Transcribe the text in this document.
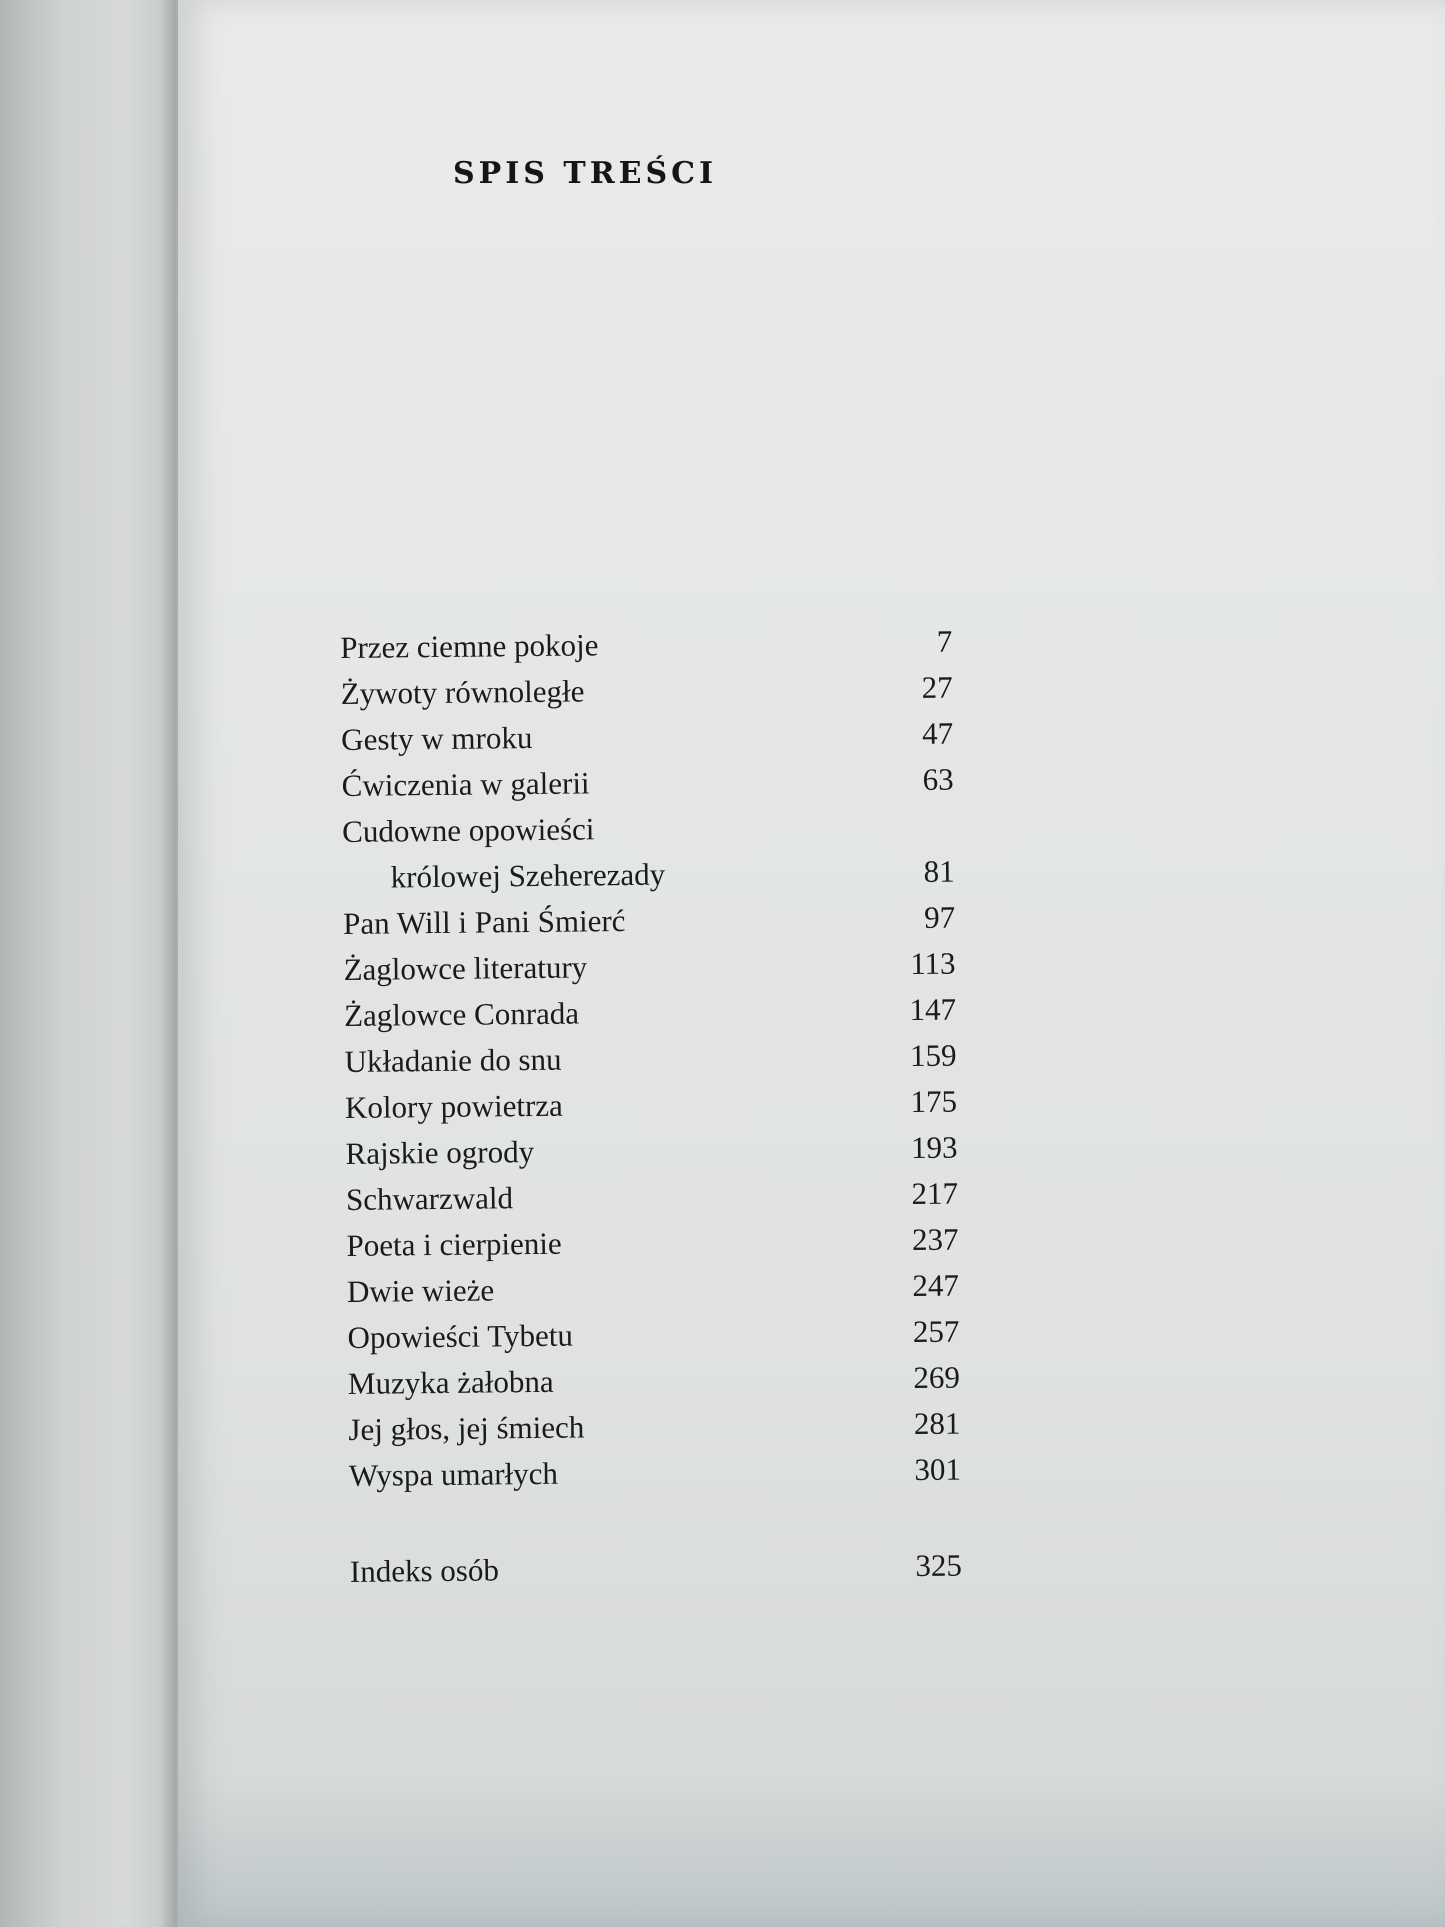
SPIS TREŚCI
Przez ciemne pokoje	7
Żywoty równoległe	27
Gesty w mroku	47
Ćwiczenia w galerii	63
Cudowne opowieści
królowej Szeherezady	81
Pan Will i Pani Śmierć	97
Żaglowce literatury	113
Żaglowce Conrada	147
Układanie do snu	159
Kolory powietrza	175
Rajskie ogrody	193
Schwarzwald	217
Poeta i cierpienie	237
Dwie wieże	247
Opowieści Tybetu	257
Muzyka żałobna	269
Jej głos, jej śmiech	281
Wyspa umarłych	301
Indeks osób	325
